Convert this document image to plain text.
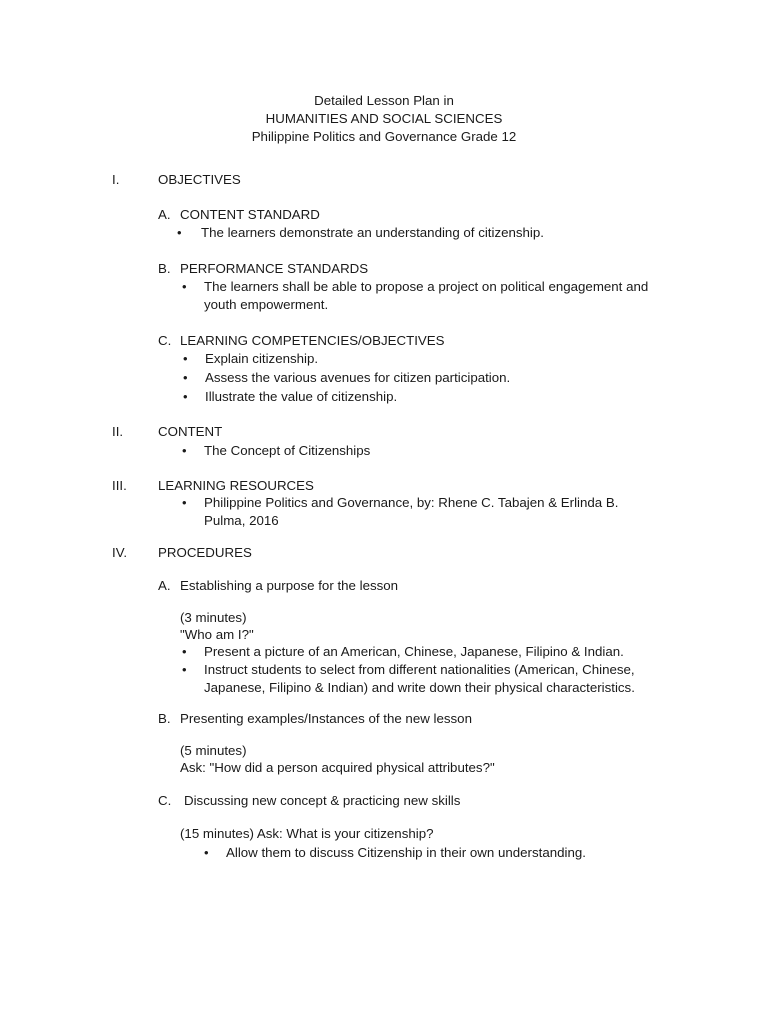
Detailed Lesson Plan in
HUMANITIES AND SOCIAL SCIENCES
Philippine Politics and Governance Grade 12
I.	OBJECTIVES
A. CONTENT STANDARD
• The learners demonstrate an understanding of citizenship.
B. PERFORMANCE STANDARDS
• The learners shall be able to propose a project on political engagement and
youth empowerment.
C. LEARNING COMPETENCIES/OBJECTIVES
• Explain citizenship.
• Assess the various avenues for citizen participation.
• Illustrate the value of citizenship.
II.	CONTENT
• The Concept of Citizenships
III. LEARNING RESOURCES
• Philippine Politics and Governance, by: Rhene C. Tabajen & Erlinda B.
Pulma, 2016
IV. PROCEDURES
A. Establishing a purpose for the lesson
(3 minutes)
"Who am I?"
• Present a picture of an American, Chinese, Japanese, Filipino & Indian.
• Instruct students to select from different nationalities (American, Chinese,
Japanese, Filipino & Indian) and write down their physical characteristics.
B. Presenting examples/Instances of the new lesson
(5 minutes)
Ask: "How did a person acquired physical attributes?"
C. Discussing new concept & practicing new skills
(15 minutes) Ask: What is your citizenship?
• Allow them to discuss Citizenship in their own understanding.
